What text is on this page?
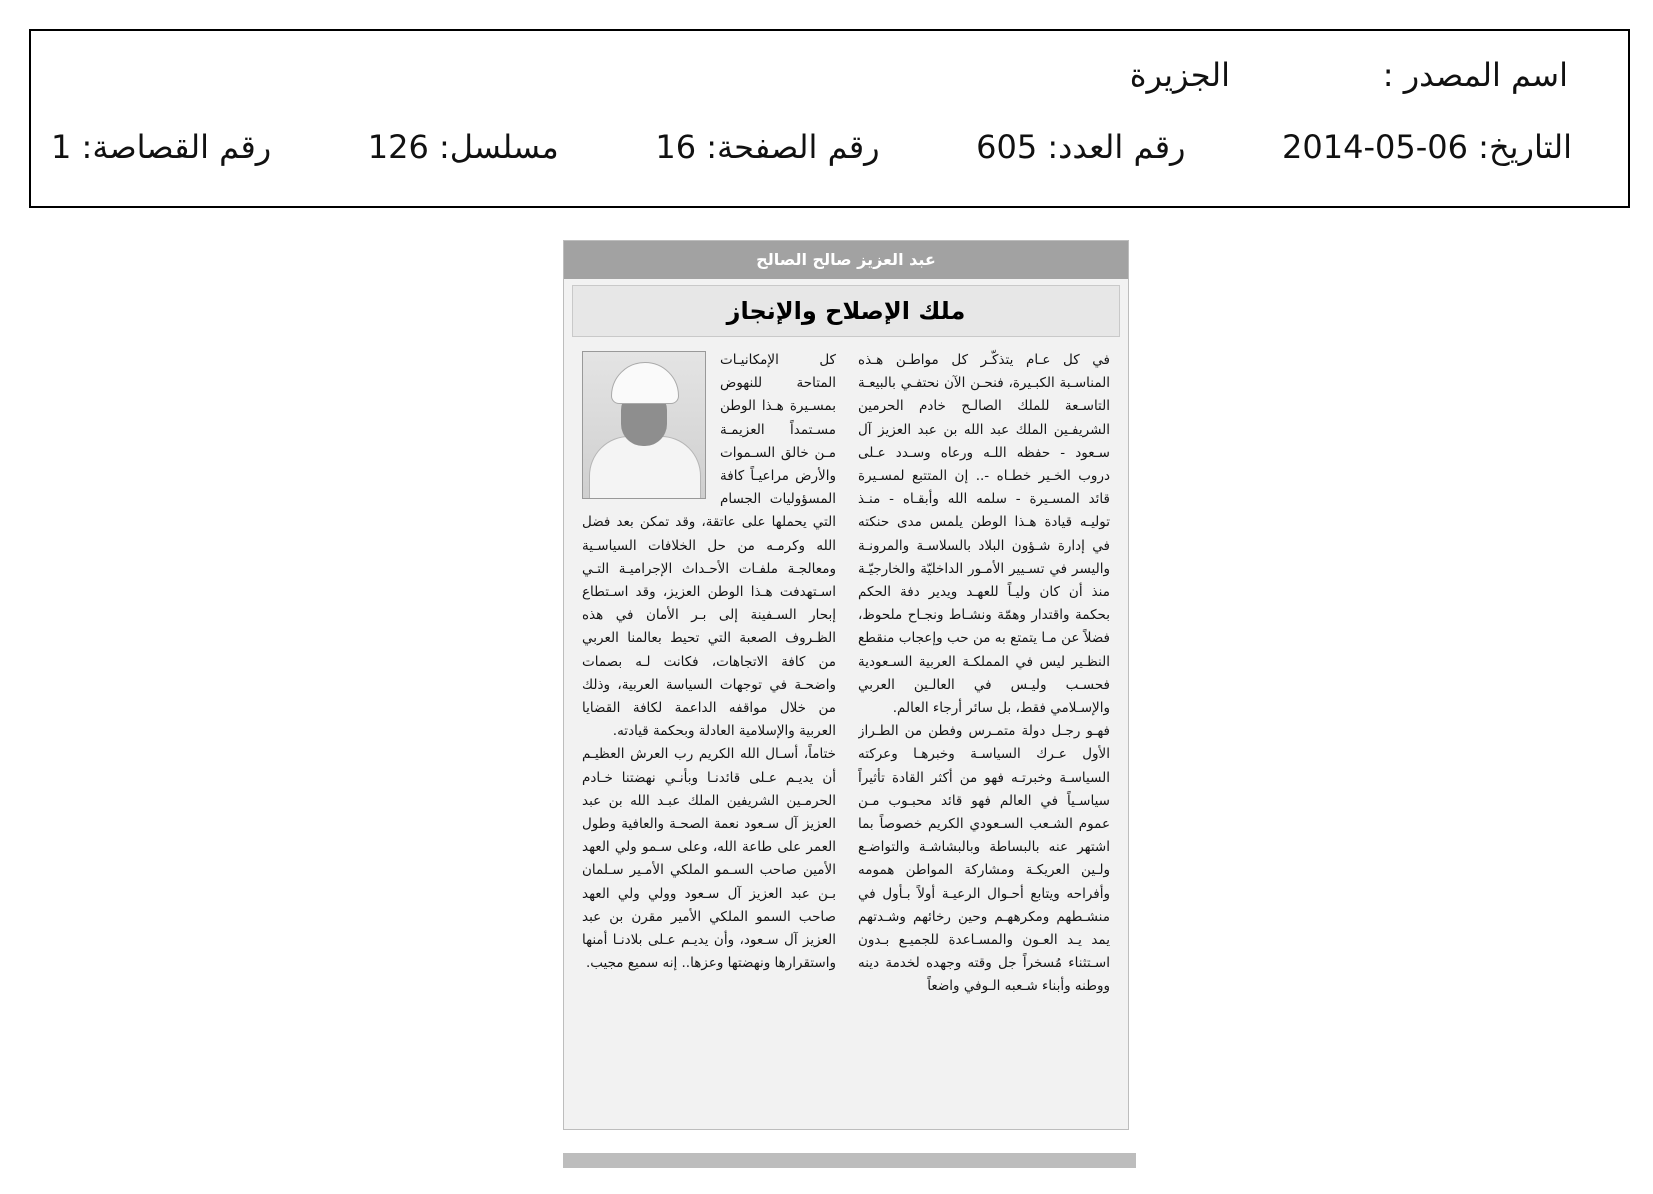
اسم المصدر :
الجزيرة
التاريخ: 06-05-2014
رقم العدد: 605
رقم الصفحة: 16
مسلسل: 126
رقم القصاصة: 1
عبد العزيز صالح الصالح
ملك الإصلاح والإنجاز

في كل عـام يتذكّـر كل مواطـن هـذه المناسـبة الكبـيرة، فنحـن الآن نحتفـي بالبيعـة التاسـعة للملك الصالـح خادم الحرمين الشريفـين الملك عبد الله بن عبد العزيز آل سـعود - حفظه اللـه ورعاه وسـدد عـلى دروب الخـير خطـاه -.. إن المتتبع لمسـيرة قائد المسـيرة - سلمه الله وأبقـاه - منـذ توليـه قيادة هـذا الوطن يلمس مدى حنكته في إدارة شـؤون البلاد بالسلاسـة والمرونـة واليسر في تسـيير الأمـور الداخليّة والخارجيّـة منذ أن كان وليـاً للعهـد ويدير دفة الحكم بحكمة واقتدار وهمّة ونشـاط ونجـاح ملحوظ، فضلاً عن مـا يتمتع به من حب وإعجاب منقطع النظـير ليس في المملكـة العربية السـعودية فحسـب وليـس في العالـين العربي والإسـلامي فقط، بل سائر أرجاء العالم.

فهـو رجـل دولة متمـرس وفطن من الطـراز الأول عـرك السياسـة وخبرهـا وعركته السياسـة وخبرتـه فهو من أكثر القادة تأثيراً سياسـياً في العالم فهو قائد محبـوب مـن عموم الشـعب السـعودي الكريم خصوصاً بما اشتهر عنه بالبساطة وبالبشاشـة والتواضـع ولـين العريكـة ومشاركة المواطن همومه وأفراحه ويتابع أحـوال الرعيـة أولاً بـأول في منشـطهم ومكرههـم وحين رخائهم وشـدتهم يمد يـد العـون والمسـاعدة للجميـع بـدون اسـتثناء مُسخراً جل وقته وجهده لخدمة دينه ووطنه وأبناء شـعبه الـوفي واضعاً

كل الإمكانيـات المتاحة للنهوض بمسـيرة هـذا الوطن مسـتمداً العزيمـة مـن خالق السـموات والأرض مراعيـاً كافة المسؤوليات الجسام التي يحملها على عاتقة، وقد تمكن بعد فضل الله وكرمـه من حل الخلافات السياسـية ومعالجـة ملفـات الأحـداث الإجراميـة التـي اسـتهدفت هـذا الوطن العزيز، وقد اسـتطاع إبحار السـفينة إلى بـر الأمان في هذه الظـروف الصعبة التي تحيط بعالمنا العربي من كافة الاتجاهات، فكانت لـه بصمات واضحـة في توجهات السياسة العربية، وذلك من خلال مواقفه الداعمة لكافة القضايا العربية والإسلامية العادلة وبحكمة قيادته.

ختاماً، أسـال الله الكريم رب العرش العظيـم أن يديـم عـلى قائدنـا وبأنـي نهضتنا خـادم الحرمـين الشريفين الملك عبـد الله بن عبد العزيز آل سـعود نعمة الصحـة والعافية وطول العمر على طاعة الله، وعلى سـمو ولي العهد الأمين صاحب السـمو الملكي الأمـير سـلمان بـن عبد العزيز آل سـعود وولي ولي العهد صاحب السمو الملكي الأمير مقرن بن عبد العزيز آل سـعود، وأن يديـم عـلى بلادنـا أمنها واستقرارها ونهضتها وعزها.. إنه سميع مجيب.
